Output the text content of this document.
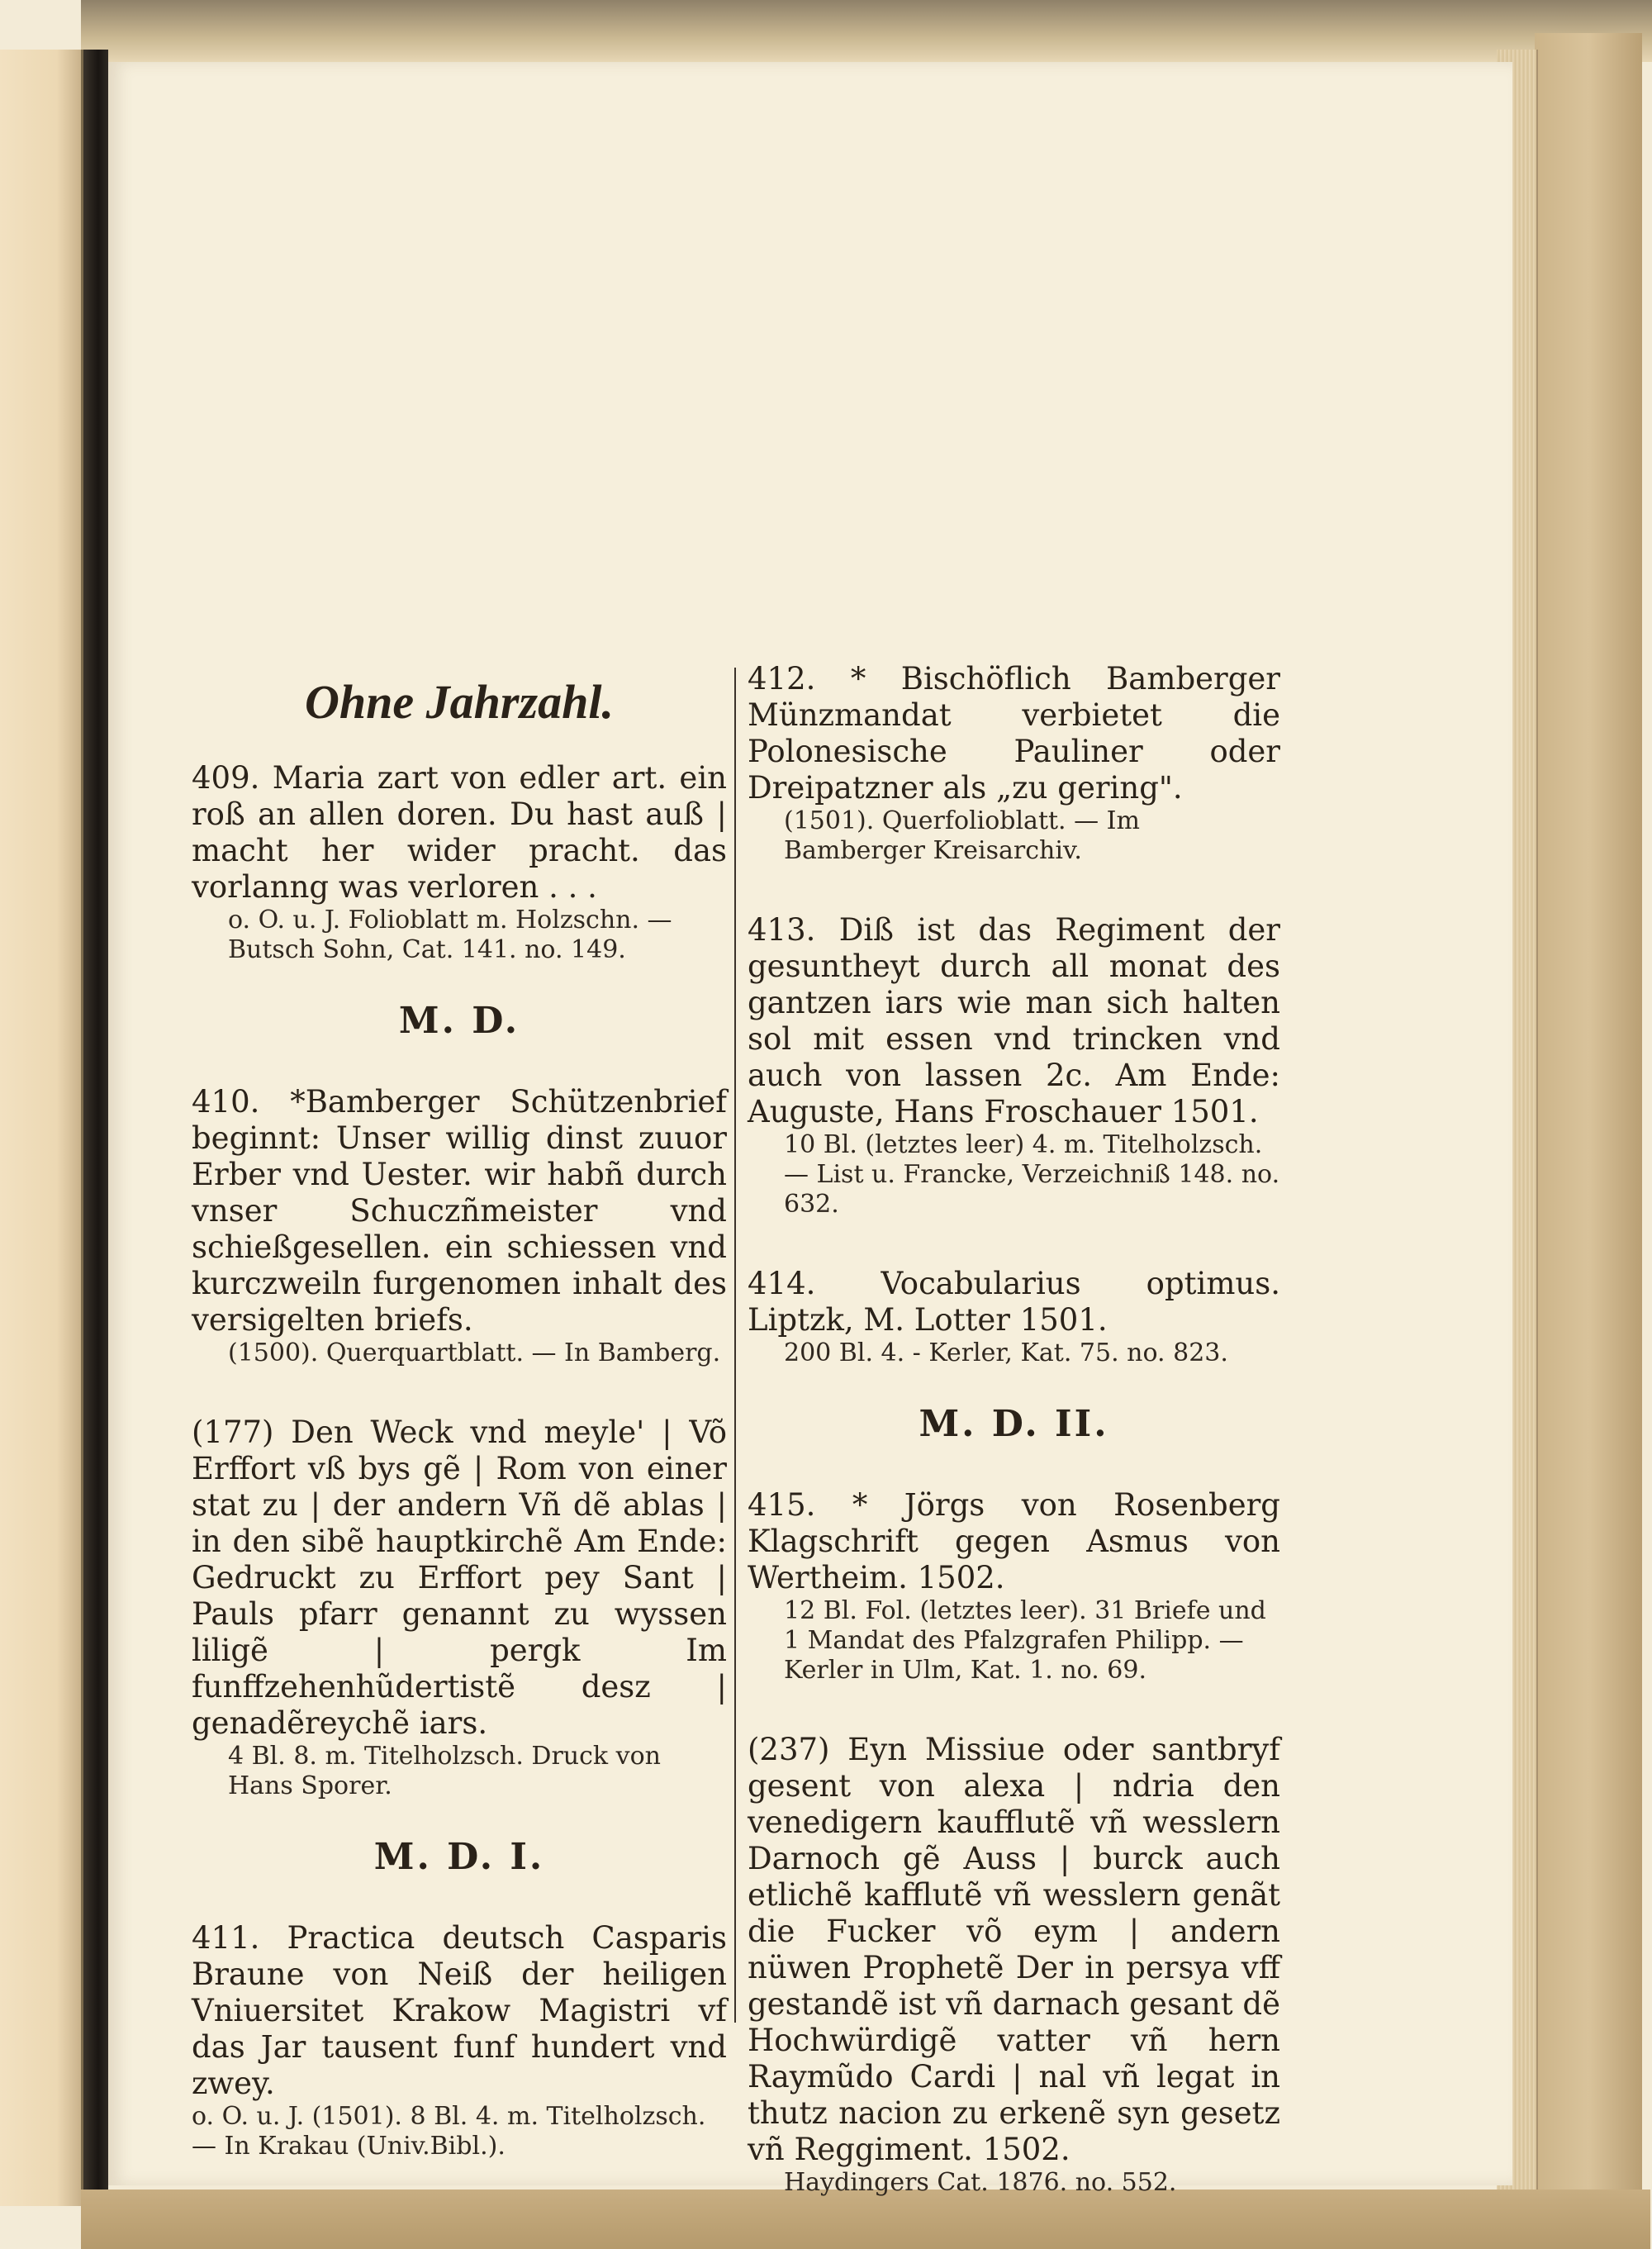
Ohne Jahrzahl.
409. Maria zart von edler art. ein roß an allen doren. Du hast auß | macht her wider pracht. das vorlanng was verloren . . .
o. O. u. J. Folioblatt m. Holzschn. — Butsch Sohn, Cat. 141. no. 149.
M. D.
410. *Bamberger Schützenbrief beginnt: Unser willig dinst zuuor Erber vnd Uester. wir habñ durch vnser Schuczñmeister vnd schießgesellen. ein schiessen vnd kurczweiln furgenomen inhalt des versigelten briefs.
(1500). Querquartblatt. — In Bamberg.
(177) Den Weck vnd meyle' | Võ Erffort vß bys gẽ | Rom von einer stat zu | der andern Vñ dẽ ablas | in den sibẽ hauptkirchẽ Am Ende: Gedruckt zu Erffort pey Sant | Pauls pfarr genannt zu wyssen liligẽ | pergk Im funffzehenhũdertistẽ desz | genadẽreychẽ iars.
4 Bl. 8. m. Titelholzsch. Druck von Hans Sporer.
M. D. I.
411. Practica deutsch Casparis Braune von Neiß der heiligen Vniuersitet Krakow Magistri vf das Jar tausent funf hundert vnd zwey.
o. O. u. J. (1501). 8 Bl. 4. m. Titelholzsch. — In Krakau (Univ.Bibl.).
412. * Bischöflich Bamberger Münzmandat verbietet die Polonesische Pauliner oder Dreipatzner als „zu gering".
(1501). Querfolioblatt. — Im Bamberger Kreisarchiv.
413. Diß ist das Regiment der gesuntheyt durch all monat des gantzen iars wie man sich halten sol mit essen vnd trincken vnd auch von lassen 2c. Am Ende: Auguste, Hans Froschauer 1501.
10 Bl. (letztes leer) 4. m. Titelholzsch. — List u. Francke, Verzeichniß 148. no. 632.
414. Vocabularius optimus. Liptzk, M. Lotter 1501.
200 Bl. 4. - Kerler, Kat. 75. no. 823.
M. D. II.
415. * Jörgs von Rosenberg Klagschrift gegen Asmus von Wertheim. 1502.
12 Bl. Fol. (letztes leer). 31 Briefe und 1 Mandat des Pfalzgrafen Philipp. — Kerler in Ulm, Kat. 1. no. 69.
(237) Eyn Missiue oder santbryf gesent von alexa | ndria den venedigern kaufflutẽ vñ wesslern Darnoch gẽ Auss | burck auch etlichẽ kafflutẽ vñ wesslern genãt die Fucker võ eym | andern nüwen Prophetẽ Der in persya vff gestandẽ ist vñ darnach gesant dẽ Hochwürdigẽ vatter vñ hern Raymũdo Cardi | nal vñ legat in thutz nacion zu erkenẽ syn gesetz vñ Reggiment. 1502.
Haydingers Cat. 1876. no. 552.
